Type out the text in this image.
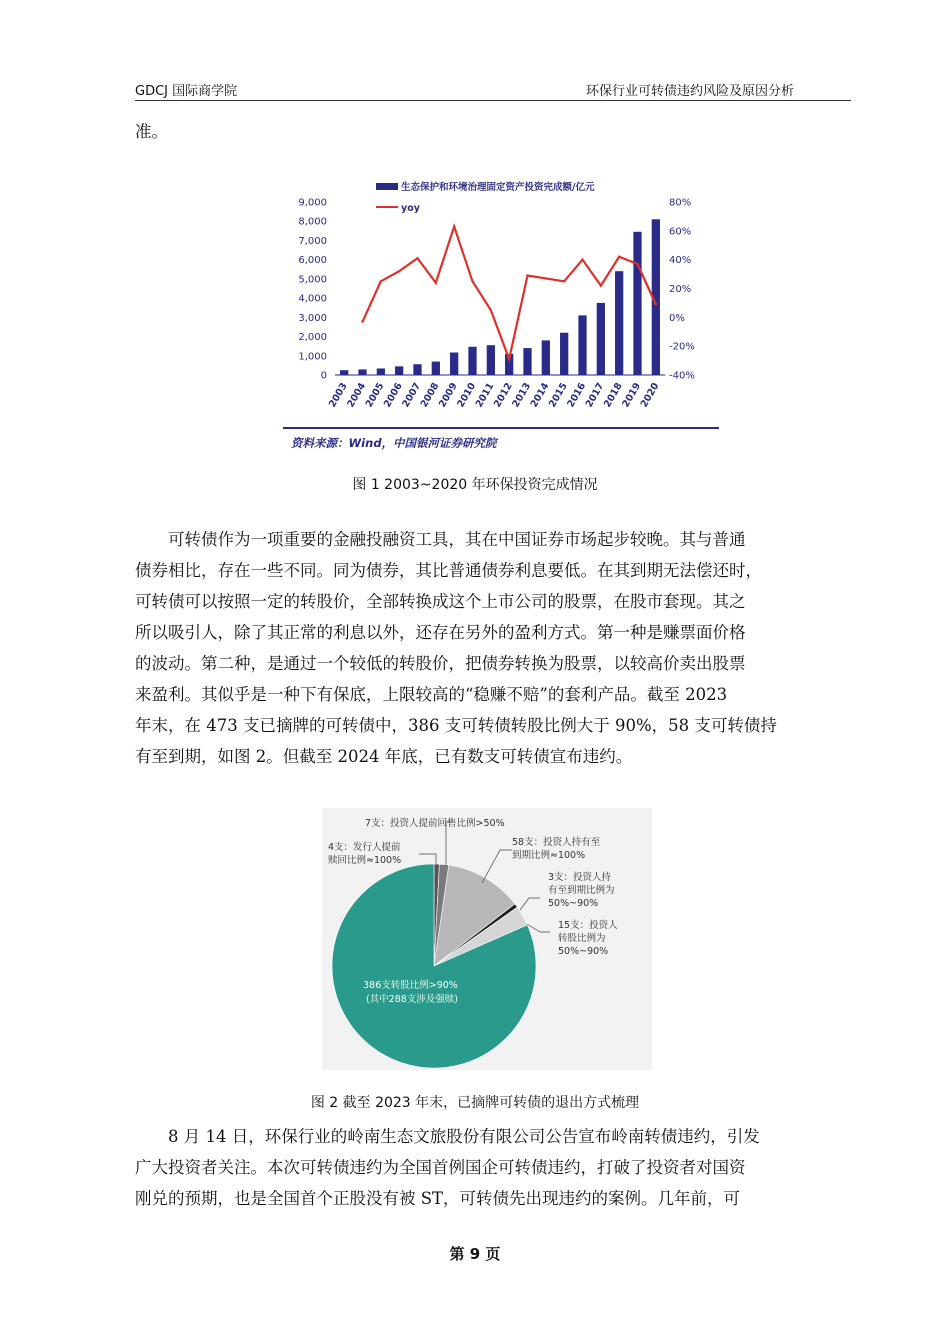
GDCJ 国际商学院	环保行业可转债违约风险及原因分析

准。

0
1,000
2,000
3,000
4,000
5,000
6,000
7,000
8,000
9,000
-40%
-20%
0%
20%
40%
60%
80%
2003
2004
2005
2006
2007
2008
2009
2010
2011
2012
2013
2014
2015
2016
2017
2018
2019
2020
生态保护和环境治理固定资产投资完成额/亿元
yoy
资料来源：Wind，中国银河证券研究院
图 1 2003~2020 年环保投资完成情况

可转债作为一项重要的金融投融资工具，其在中国证券市场起步较晚。其与普通
债券相比，存在一些不同。同为债券，其比普通债券利息要低。在其到期无法偿还时，
可转债可以按照一定的转股价，全部转换成这个上市公司的股票，在股市套现。其之
所以吸引人，除了其正常的利息以外，还存在另外的盈利方式。第一种是赚票面价格
的波动。第二种，是通过一个较低的转股价，把债券转换为股票，以较高价卖出股票
来盈利。其似乎是一种下有保底，上限较高的“稳赚不赔”的套利产品。截至 2023
年末，在 473 支已摘牌的可转债中，386 支可转债转股比例大于 90%，58 支可转债持
有至到期，如图 2。但截至 2024 年底，已有数支可转债宣布违约。

7支：投资人提前回售比例>50%
4支：发行人提前 赎回比例≈100%
58支：投资人持有至 到期比例≈100%
3支：投资人持 有至到期比例为 50%~90%
15支：投资人 转股比例为 50%~90%
386支转股比例>90% (其中288支涉及强赎)
图 2 截至 2023 年末，已摘牌可转债的退出方式梳理

8 月 14 日，环保行业的岭南生态文旅股份有限公司公告宣布岭南转债违约，引发
广大投资者关注。本次可转债违约为全国首例国企可转债违约，打破了投资者对国资
刚兑的预期，也是全国首个正股没有被 ST，可转债先出现违约的案例。几年前，可

第 9 页
